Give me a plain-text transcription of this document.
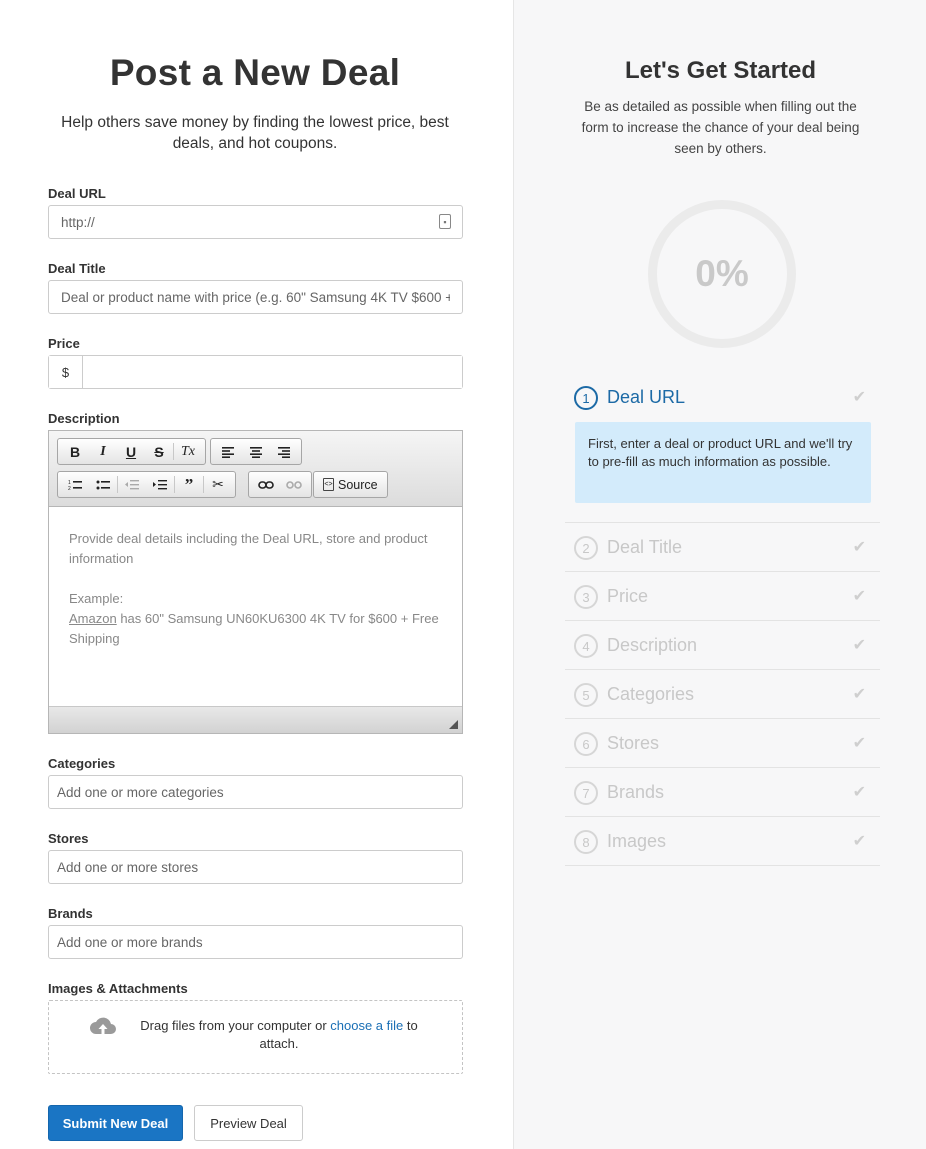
Post a New Deal

Help others save money by finding the lowest price, best deals, and hot coupons.

Deal URL
http://
▪
Deal Title
Deal or product name with price (e.g. 60" Samsung 4K TV $600 + Free Shipping)
Price
$
Description
B	I	U	S	Tx
1
2	”	✂	<> Source
Provide deal details including the Deal URL, store and product information
Example:
Amazon has 60" Samsung UN60KU6300 4K TV for $600 + Free Shipping
Categories
Add one or more categories
Stores
Add one or more stores
Brands
Add one or more brands
Images & Attachments
Drag files from your computer or choose a file to attach.
Submit New Deal	Preview Deal
Let's Get Started

Be as detailed as possible when filling out the form to increase the chance of your deal being seen by others.

0%
1 Deal URL	✔
First, enter a deal or product URL and we'll try to pre-fill as much information as possible.
2 Deal Title	✔
3 Price	✔
4 Description	✔
5 Categories	✔
6 Stores	✔
7 Brands	✔
8 Images	✔
